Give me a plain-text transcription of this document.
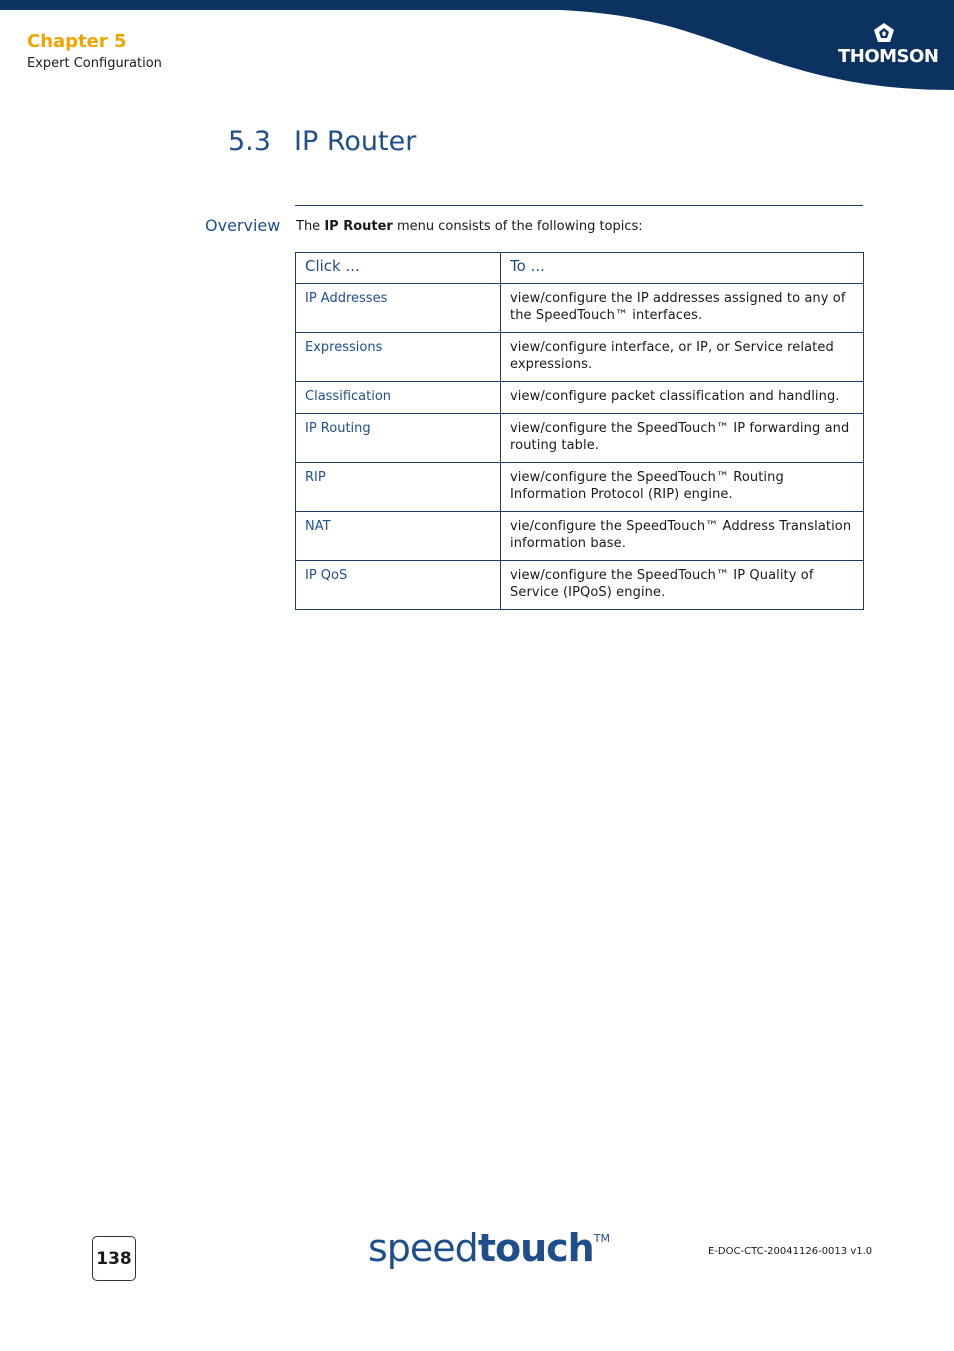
Chapter 5
Expert Configuration	THOMSON
5.3 IP Router
Overview The IP Router menu consists of the following topics:
Click ...	To ...
IP Addresses	view/configure the IP addresses assigned to any of the SpeedTouch™ interfaces.
Expressions	view/configure interface, or IP, or Service related expressions.
Classification	view/configure packet classification and handling.
IP Routing	view/configure the SpeedTouch™ IP forwarding and routing table.
RIP	view/configure the SpeedTouch™ Routing Information Protocol (RIP) engine.
NAT	vie/configure the SpeedTouch™ Address Translation information base.
IP QoS	view/configure the SpeedTouch™ IP Quality of Service (IPQoS) engine.
138	speedtouch™
E-DOC-CTC-20041126-0013 v1.0
